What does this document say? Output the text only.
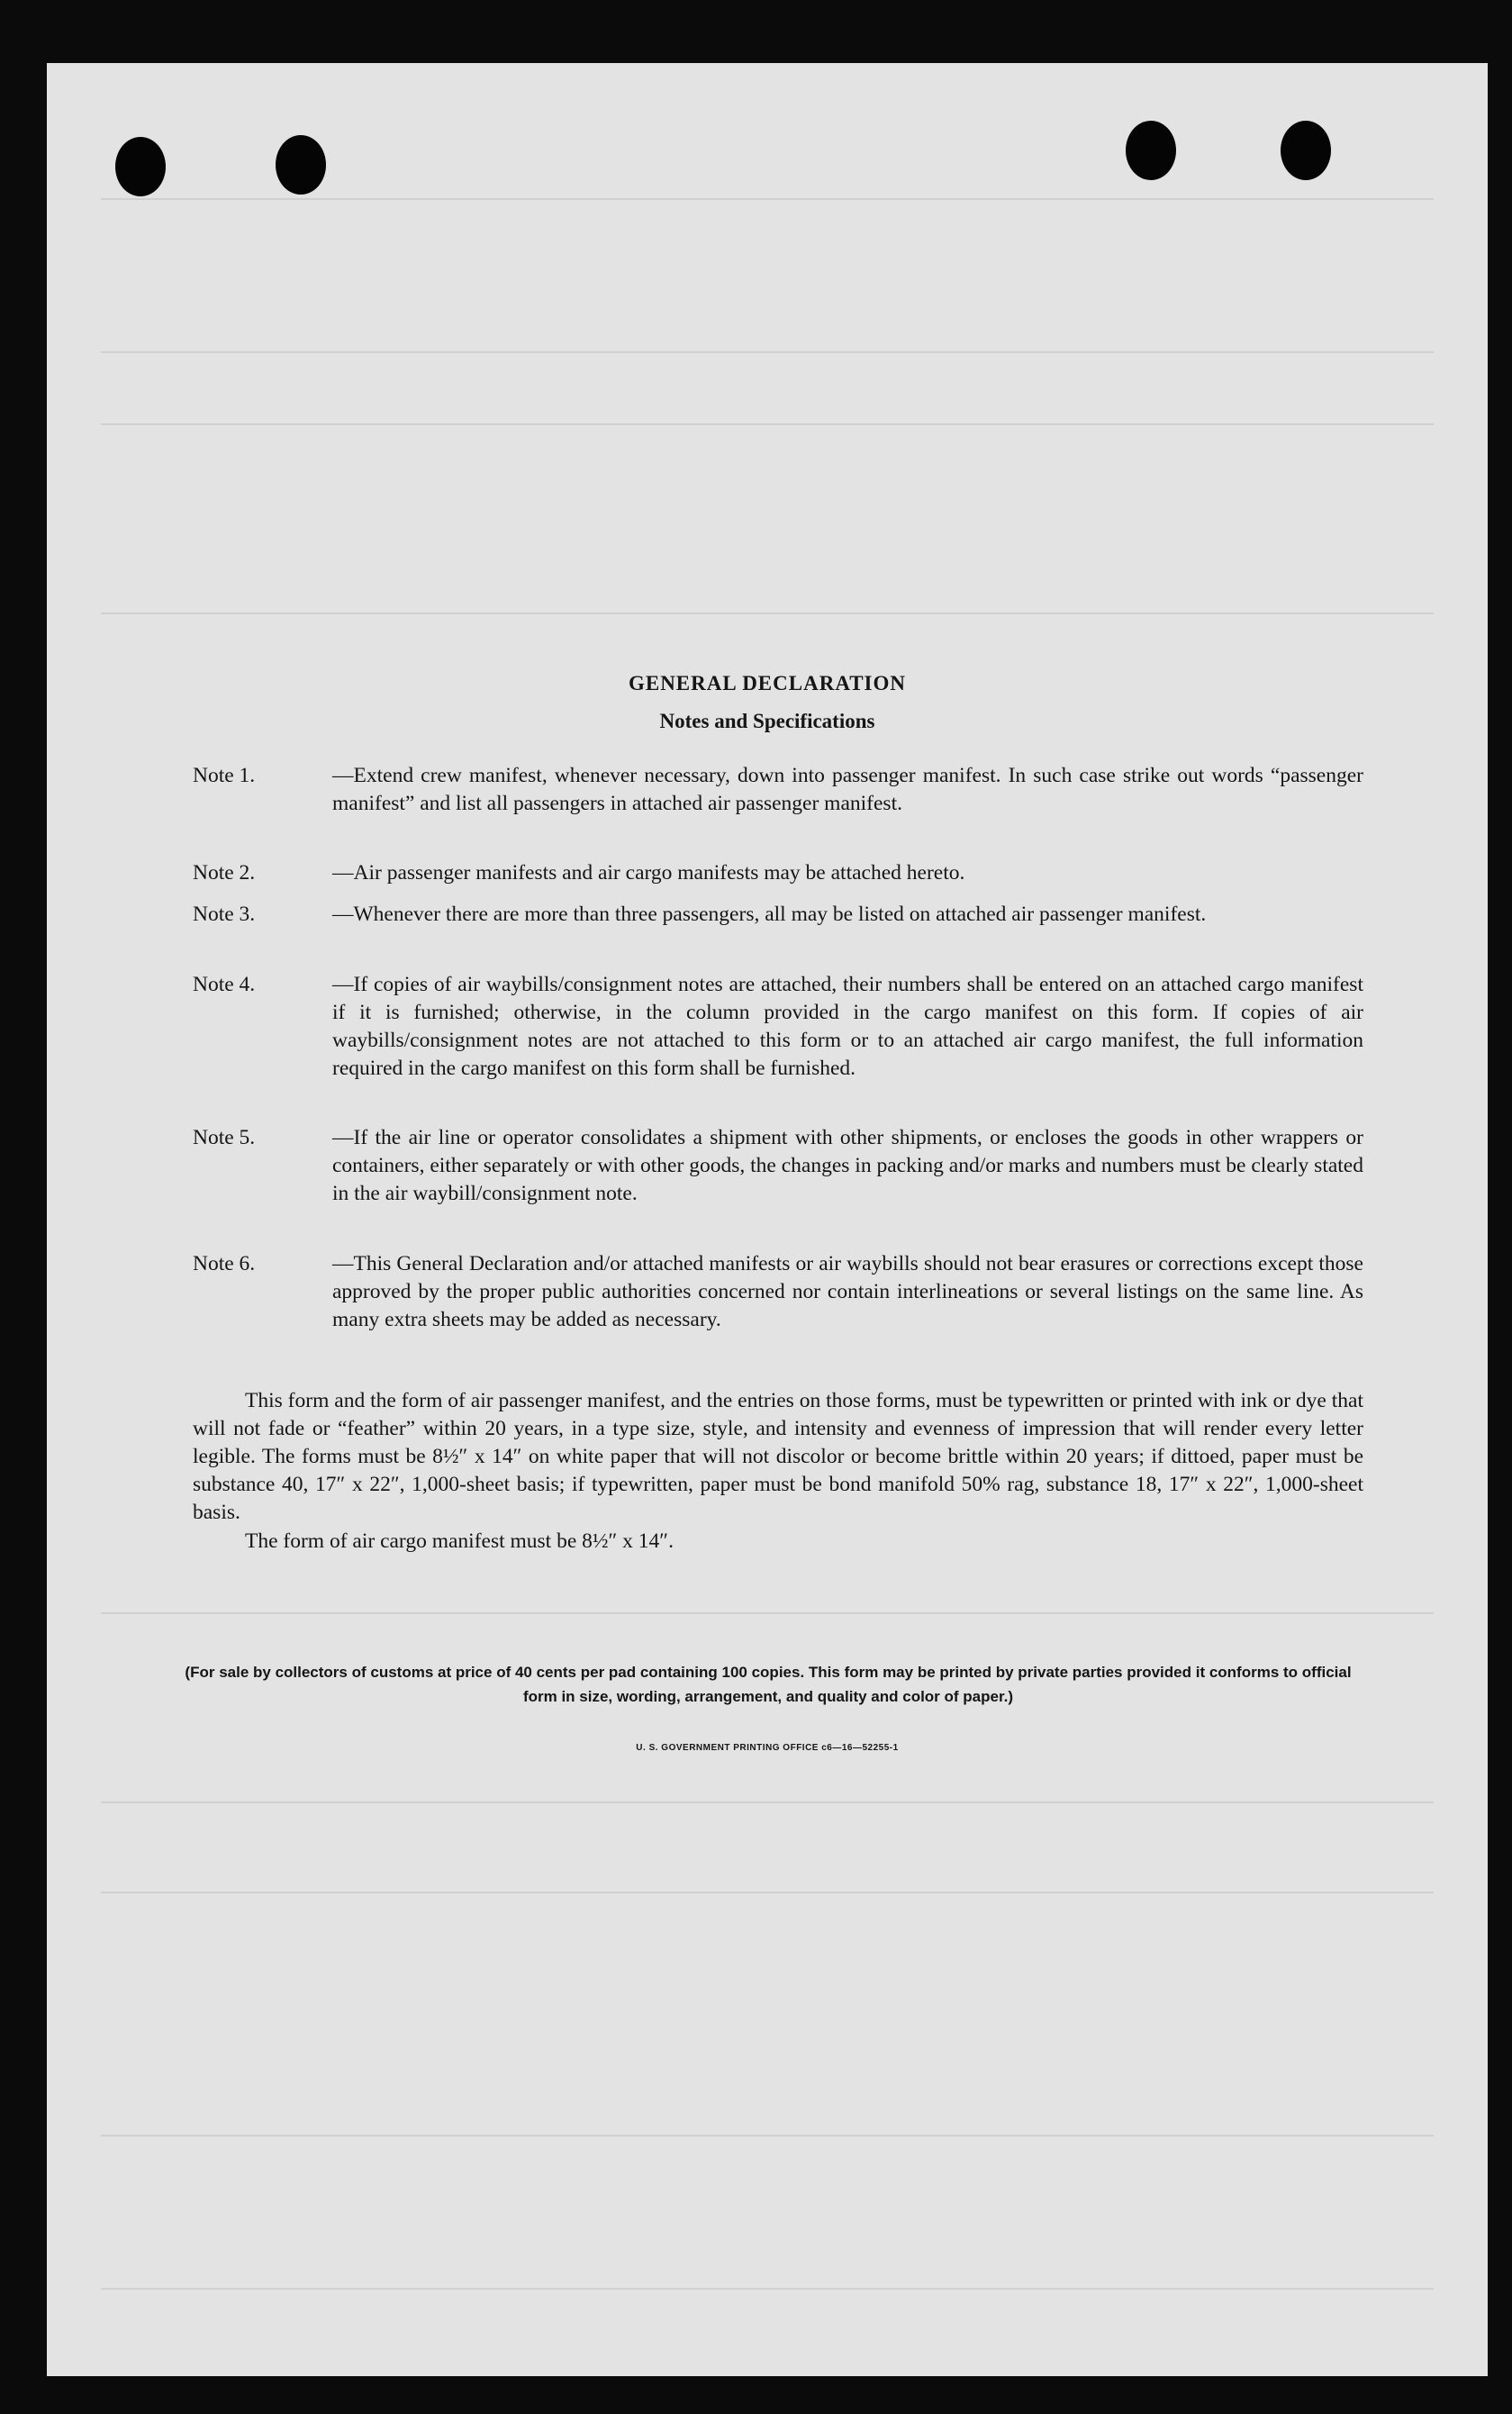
GENERAL DECLARATION
Notes and Specifications
Note 1.	—Extend crew manifest, whenever necessary, down into passenger manifest. In such case strike out words “passenger manifest” and list all passengers in attached air passenger manifest.
Note 2.	—Air passenger manifests and air cargo manifests may be attached hereto.
Note 3.	—Whenever there are more than three passengers, all may be listed on attached air passenger manifest.
Note 4.	—If copies of air waybills/consignment notes are attached, their numbers shall be entered on an attached cargo manifest if it is furnished; otherwise, in the column provided in the cargo manifest on this form. If copies of air waybills/consignment notes are not attached to this form or to an attached air cargo manifest, the full information required in the cargo manifest on this form shall be furnished.
Note 5.	—If the air line or operator consolidates a shipment with other shipments, or encloses the goods in other wrappers or containers, either separately or with other goods, the changes in packing and/or marks and numbers must be clearly stated in the air waybill/consignment note.
Note 6.	—This General Declaration and/or attached manifests or air waybills should not bear erasures or corrections except those approved by the proper public authorities concerned nor contain interlineations or several listings on the same line. As many extra sheets may be added as necessary.
This form and the form of air passenger manifest, and the entries on those forms, must be typewritten or printed with ink or dye that will not fade or “feather” within 20 years, in a type size, style, and intensity and evenness of impression that will render every letter legible. The forms must be 8½″ x 14″ on white paper that will not discolor or become brittle within 20 years; if dittoed, paper must be substance 40, 17″ x 22″, 1,000-sheet basis; if typewritten, paper must be bond manifold 50% rag, substance 18, 17″ x 22″, 1,000-sheet basis.
The form of air cargo manifest must be 8½″ x 14″.
(For sale by collectors of customs at price of 40 cents per pad containing 100 copies. This form may be printed by private parties provided it conforms to official form in size, wording, arrangement, and quality and color of paper.)
U. S. GOVERNMENT PRINTING OFFICE c6—16—52255-1
